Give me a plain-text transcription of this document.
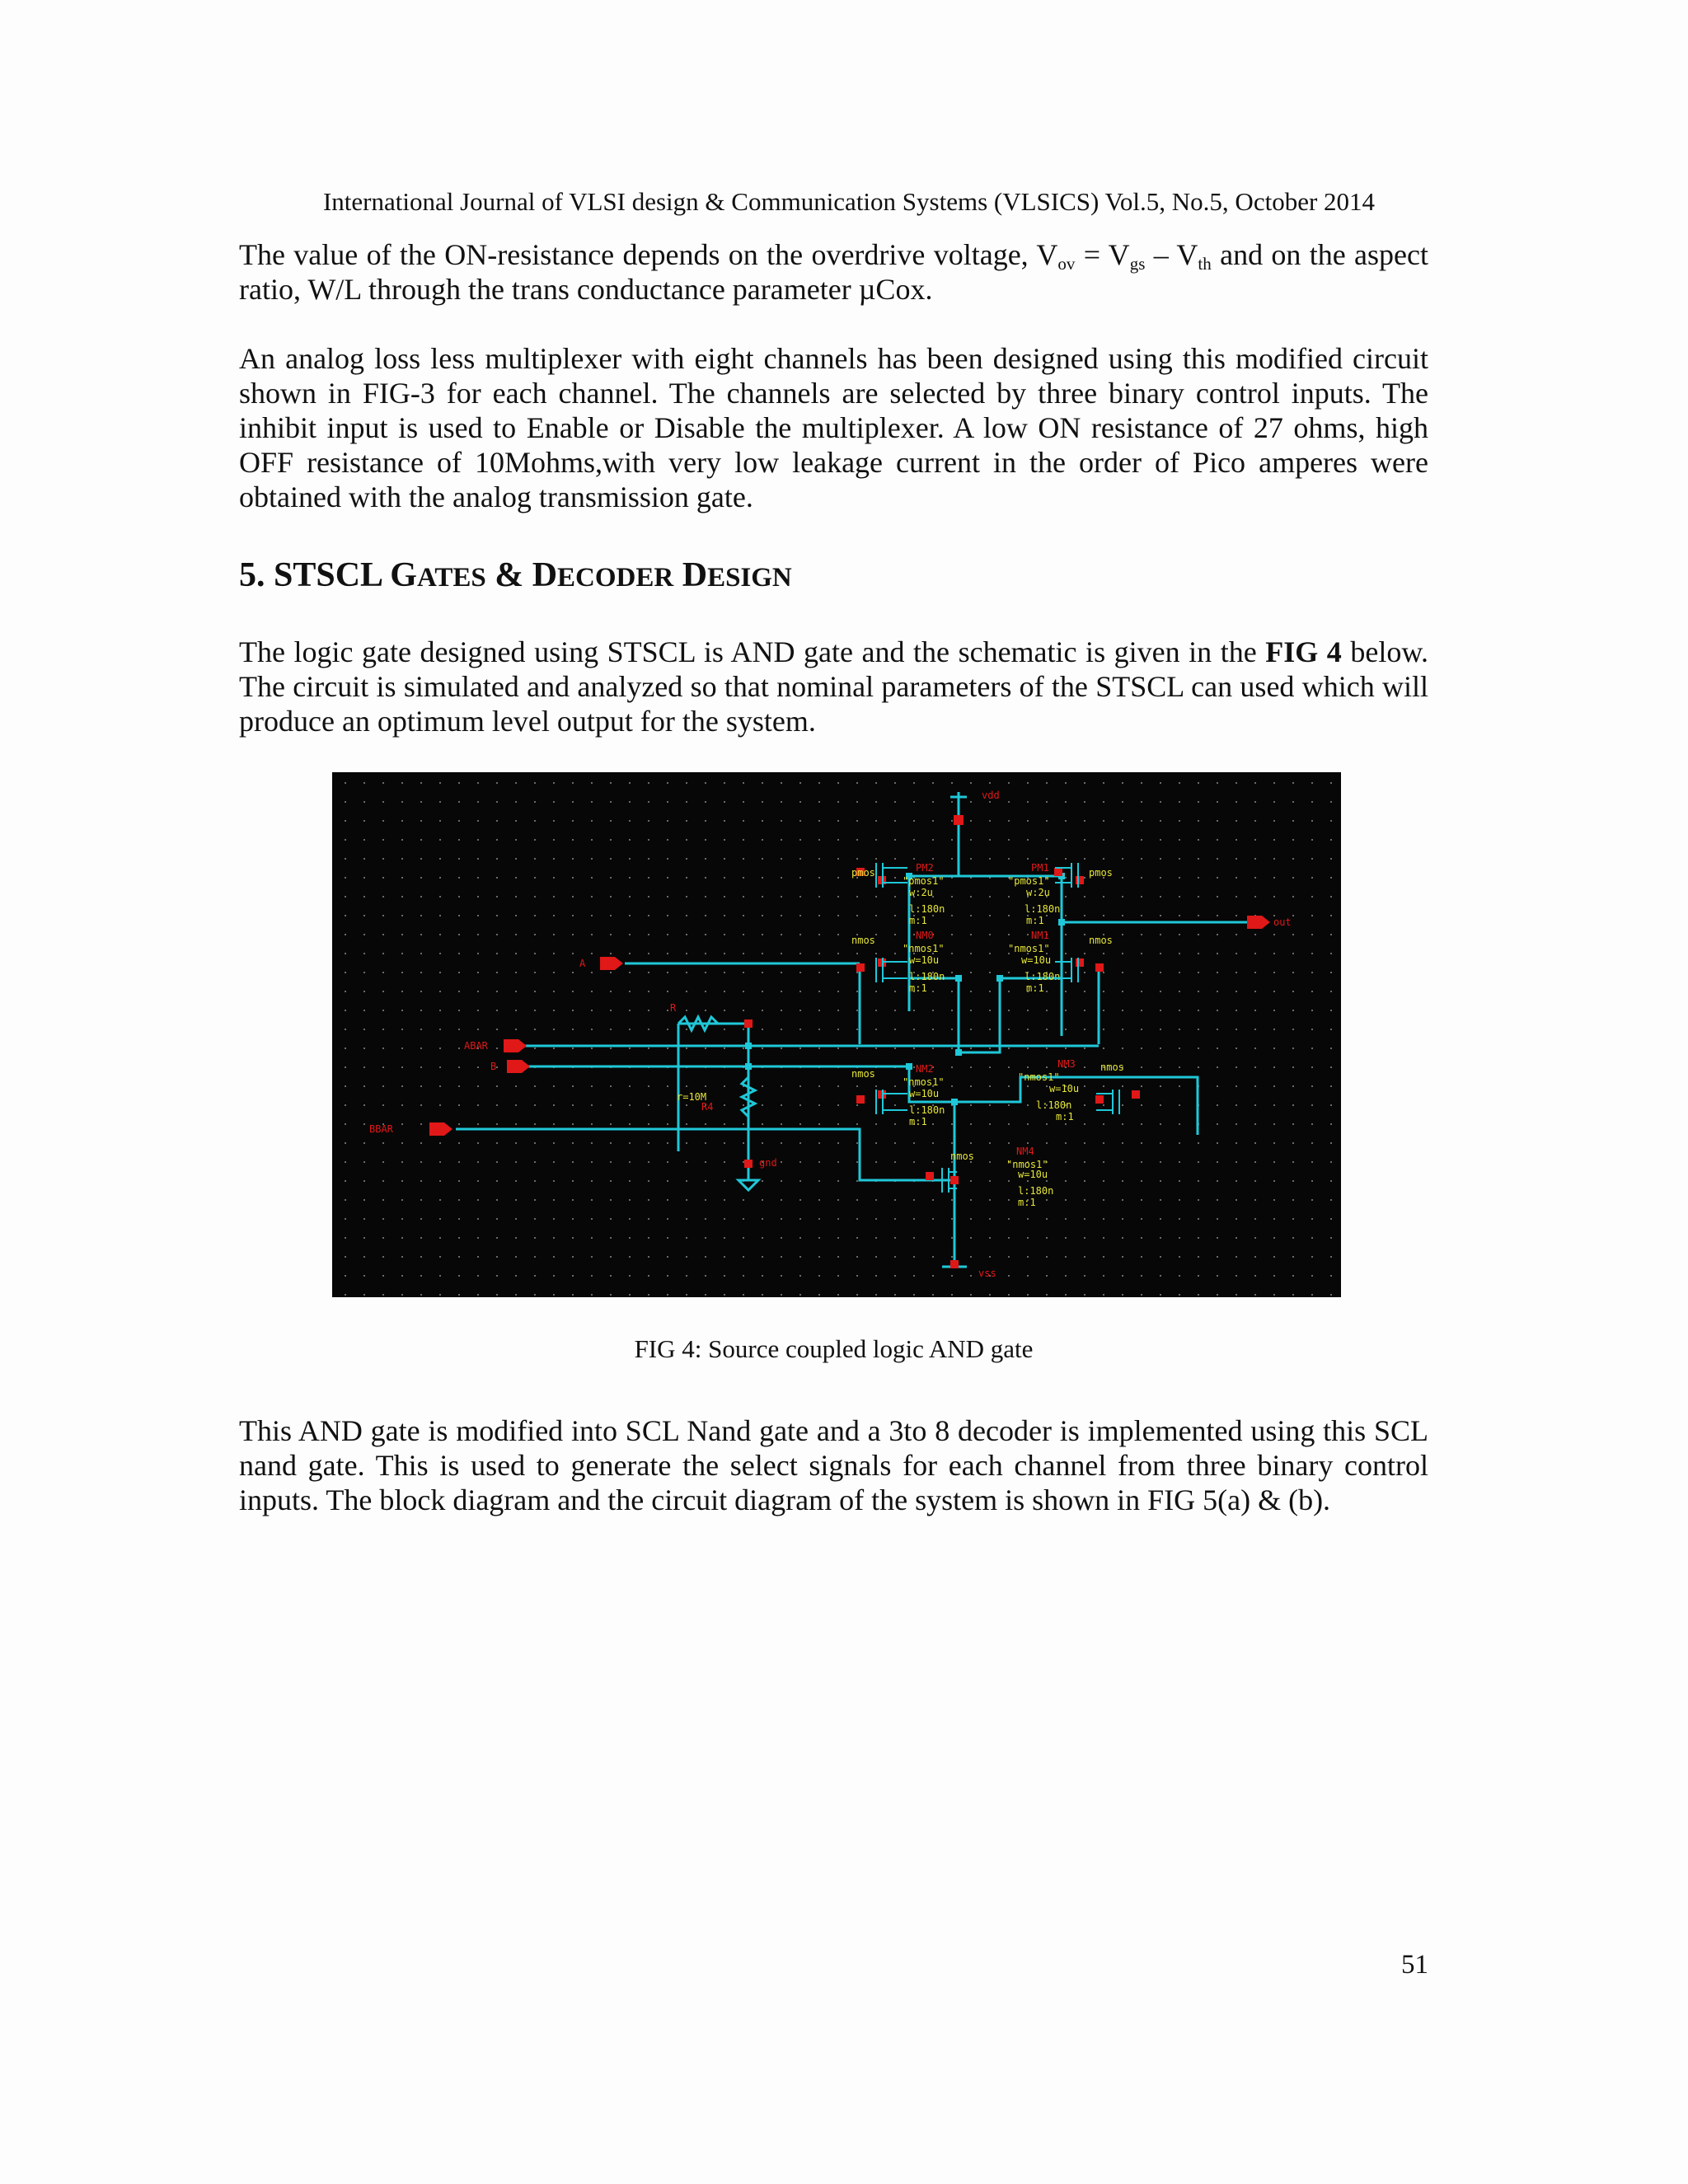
International Journal of VLSI design & Communication Systems (VLSICS) Vol.5, No.5, October 2014

The value of the ON-resistance depends on the overdrive voltage, $V_{ov} = V_{gs} - V_{th}$ and on the aspect ratio, W/L through the trans conductance parameter µCox.

An analog loss less multiplexer with eight channels has been designed using this modified circuit shown in FIG-3 for each channel. The channels are selected by three binary control inputs. The inhibit input is used to Enable or Disable the multiplexer. A low ON resistance of 27 ohms, high OFF resistance of 10Mohms,with very low leakage current in the order of Pico amperes were obtained with the analog transmission gate.

5. STSCL GATES & DECODER DESIGN

The logic gate designed using STSCL is AND gate and the schematic is given in the FIG 4 below. The circuit is simulated and analyzed so that nominal parameters of the STSCL can used which will produce an optimum level output for the system.

vdd
vss
gnd
out
A
ABAR
B
BBAR
R
R4
pmos	PM2
"pmos1"
w:2u
l:180n
m:1
pmos
PM1
"pmos1"
w:2u
l:180n
m:1
nmos	NM0
"nmos1"
w=10u
l:180n
m:1
nmos
NM1
"nmos1"
w=10u
l:180n
m:1
nmos	NM2
"nmos1"
w=10u
l:180n
m:1
nmos
NM3
"nmos1"
w=10u
l:180n
m:1
nmos	NM4
"nmos1"
w=10u
l:180n
m:1
r=10M
FIG 4: Source coupled logic AND gate

This AND gate is modified into SCL Nand gate and a 3to 8 decoder is implemented using this SCL nand gate. This is used to generate the select signals for each channel from three binary control inputs. The block diagram and the circuit diagram of the system is shown in FIG 5(a) & (b).

51
